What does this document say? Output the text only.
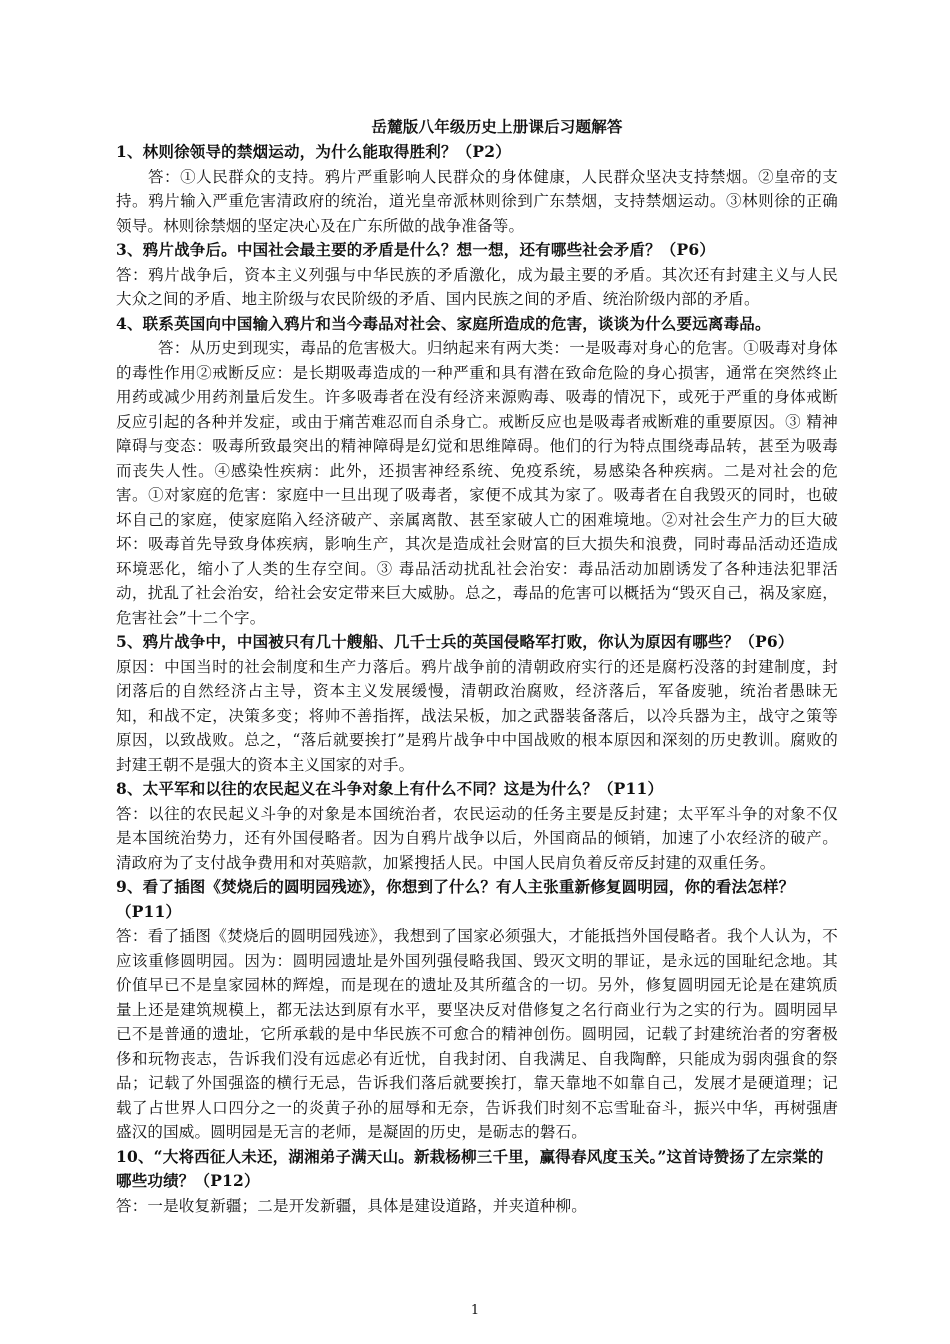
岳麓版八年级历史上册课后习题解答

1、林则徐领导的禁烟运动，为什么能取得胜利？（P2）

答：①人民群众的支持。鸦片严重影响人民群众的身体健康，人民群众坚决支持禁烟。②皇帝的支持。鸦片输入严重危害清政府的统治，道光皇帝派林则徐到广东禁烟，支持禁烟运动。③林则徐的正确领导。林则徐禁烟的坚定决心及在广东所做的战争准备等。

3、鸦片战争后。中国社会最主要的矛盾是什么？想一想，还有哪些社会矛盾？（P6）

答：鸦片战争后，资本主义列强与中华民族的矛盾激化，成为最主要的矛盾。其次还有封建主义与人民大众之间的矛盾、地主阶级与农民阶级的矛盾、国内民族之间的矛盾、统治阶级内部的矛盾。

4、联系英国向中国输入鸦片和当今毒品对社会、家庭所造成的危害，谈谈为什么要远离毒品。

答：从历史到现实，毒品的危害极大。归纳起来有两大类：一是吸毒对身心的危害。①吸毒对身体的毒性作用②戒断反应：是长期吸毒造成的一种严重和具有潜在致命危险的身心损害，通常在突然终止用药或减少用药剂量后发生。许多吸毒者在没有经济来源购毒、吸毒的情况下，或死于严重的身体戒断反应引起的各种并发症，或由于痛苦难忍而自杀身亡。戒断反应也是吸毒者戒断难的重要原因。③ 精神障碍与变态：吸毒所致最突出的精神障碍是幻觉和思维障碍。他们的行为特点围绕毒品转，甚至为吸毒而丧失人性。④感染性疾病：此外，还损害神经系统、免疫系统，易感染各种疾病。二是对社会的危害。①对家庭的危害：家庭中一旦出现了吸毒者，家便不成其为家了。吸毒者在自我毁灭的同时，也破坏自己的家庭，使家庭陷入经济破产、亲属离散、甚至家破人亡的困难境地。②对社会生产力的巨大破坏：吸毒首先导致身体疾病，影响生产，其次是造成社会财富的巨大损失和浪费，同时毒品活动还造成环境恶化，缩小了人类的生存空间。③ 毒品活动扰乱社会治安：毒品活动加剧诱发了各种违法犯罪活动，扰乱了社会治安，给社会安定带来巨大威胁。总之，毒品的危害可以概括为“毁灭自己，祸及家庭，危害社会”十二个字。

5、鸦片战争中，中国被只有几十艘船、几千士兵的英国侵略军打败，你认为原因有哪些？（P6）

原因：中国当时的社会制度和生产力落后。鸦片战争前的清朝政府实行的还是腐朽没落的封建制度，封闭落后的自然经济占主导，资本主义发展缓慢，清朝政治腐败，经济落后，军备废驰，统治者愚昧无知，和战不定，决策多变；将帅不善指挥，战法呆板，加之武器装备落后，以冷兵器为主，战守之策等原因，以致战败。总之，“落后就要挨打”是鸦片战争中中国战败的根本原因和深刻的历史教训。腐败的封建王朝不是强大的资本主义国家的对手。

8、太平军和以往的农民起义在斗争对象上有什么不同？这是为什么？（P11）

答：以往的农民起义斗争的对象是本国统治者，农民运动的任务主要是反封建；太平军斗争的对象不仅是本国统治势力，还有外国侵略者。因为自鸦片战争以后，外国商品的倾销，加速了小农经济的破产。清政府为了支付战争费用和对英赔款，加紧搜括人民。中国人民肩负着反帝反封建的双重任务。

9、看了插图《焚烧后的圆明园残迹》，你想到了什么？有人主张重新修复圆明园，你的看法怎样？（P11）

答：看了插图《焚烧后的圆明园残迹》，我想到了国家必须强大，才能抵挡外国侵略者。我个人认为，不应该重修圆明园。因为：圆明园遗址是外国列强侵略我国、毁灭文明的罪证，是永远的国耻纪念地。其价值早已不是皇家园林的辉煌，而是现在的遗址及其所蕴含的一切。另外，修复圆明园无论是在建筑质量上还是建筑规模上，都无法达到原有水平，要坚决反对借修复之名行商业行为之实的行为。圆明园早已不是普通的遗址，它所承载的是中华民族不可愈合的精神创伤。圆明园，记载了封建统治者的穷奢极侈和玩物丧志，告诉我们没有远虑必有近忧，自我封闭、自我满足、自我陶醉，只能成为弱肉强食的祭品；记载了外国强盗的横行无忌，告诉我们落后就要挨打，靠天靠地不如靠自己，发展才是硬道理；记载了占世界人口四分之一的炎黄子孙的屈辱和无奈，告诉我们时刻不忘雪耻奋斗，振兴中华，再树强唐盛汉的国威。圆明园是无言的老师，是凝固的历史，是砺志的磐石。

10、“大将西征人未还，湖湘弟子满天山。新栽杨柳三千里，赢得春风度玉关。”这首诗赞扬了左宗棠的哪些功绩？（P12）

答：一是收复新疆；二是开发新疆，具体是建设道路，并夹道种柳。

1
